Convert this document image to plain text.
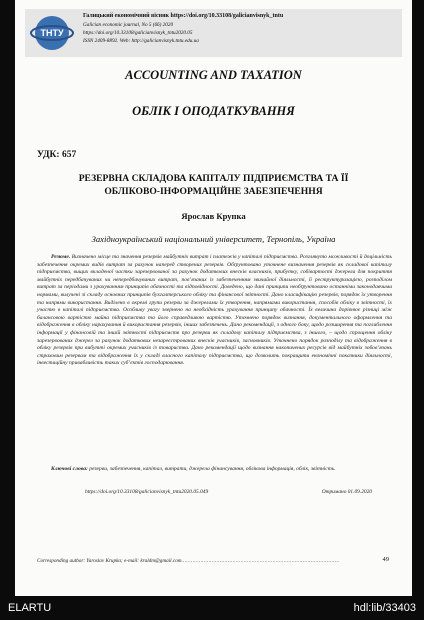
ТНТУ
Галицький економічний вісник https://doi.org/10.33108/galicianvisnyk_tntu
Galician economic journal, No 5 (66) 2020
https://doi.org/10.33108/galicianvisnyk_tntu2020.05
ISSN 2409-8892. Web: http://galicianvisnyk.tntu.edu.ua
ACCOUNTING AND TAXATION
ОБЛІК І ОПОДАТКУВАННЯ
УДК: 657
РЕЗЕРВНА СКЛАДОВА КАПІТАЛУ ПІДПРИЄМСТВА ТА ЇЇ
ОБЛІКОВО-ІНФОРМАЦІЙНЕ ЗАБЕЗПЕЧЕННЯ
Ярослав Крупка
Західноукраїнський національний університет, Тернопіль, Україна

Резюме. Визначено місце та значення резервів майбутніх витрат і платежів у капіталі підприємства. Розглянуто можливості й доцільність забезпечення окремих видів витрат за рахунок наперед створених резервів. Обґрунтовано уточнене визначення резервів як складової капіталу підприємства, вищих вкладеної частки зарезервованої за рахунок додаткових внесків власників, прибутку, собівартості джерела для покриття майбутніх передбачуваних чи непередбачуваних витрат, пов’язаних із забезпеченням звичайної діяльності, її реструктуризацією, розподілом витрат за періодами з урахуванням принципів обачності та відповідності. Доведено, що дані принципи необґрунтовано останніми законодавчими нормами, вилучені зі складу основних принципів бухгалтерського обліку та фінансової звітності. Дано класифікацію резервів, порядок їх утворення та напрями використання. Виділено в окремі групи резерви за джерелами їх утворення, напрямами використання, способів обліку в звітності, їх участю в капіталі підприємства. Особливу увагу звернено на необхідність урахування принципу обачності. Їх величина дорівнює різниці між балансовою вартістю майна підприємства та його справедливою вартістю. Уточнено порядок визнання, документального оформлення та відображення в обліку нарахування й використання резервів, інших забезпечень. Дано рекомендації, з одного боку, щодо розширення та поглиблення інформації у фінансовій та іншій звітності підприємств про резерви як складову капіталу підприємства, з іншого, – щодо спрощення обліку зарезервованих джерел за рахунок додаткових незареєстрованих внесків учасників, засновників. Уточнено порядок розподілу та відображення в обліку резервів при вибутті окремих учасників із товариства. Дано рекомендації щодо визнання накопичених ресурсів від майбутніх зобов’язань страховим резервам та відображення їх у складі власного капіталу підприємства, що дозволить покращити економічні показники діяльності, інвестиційну привабливість таких суб’єктів господарювання.

Ключові слова: резерви, забезпечення, капітал, витрати, джерела фінансування, облікова інформація, облік, звітність.

https://doi.org/10.33108/galicianvisnyk_tntu2020.05.049	Отримано 01.09.2020
Corresponding author: Yaroslav Krupka; e-mail: kraldm@gmail.com...................................................................................................	49
ELARTU	hdl:lib/33403
